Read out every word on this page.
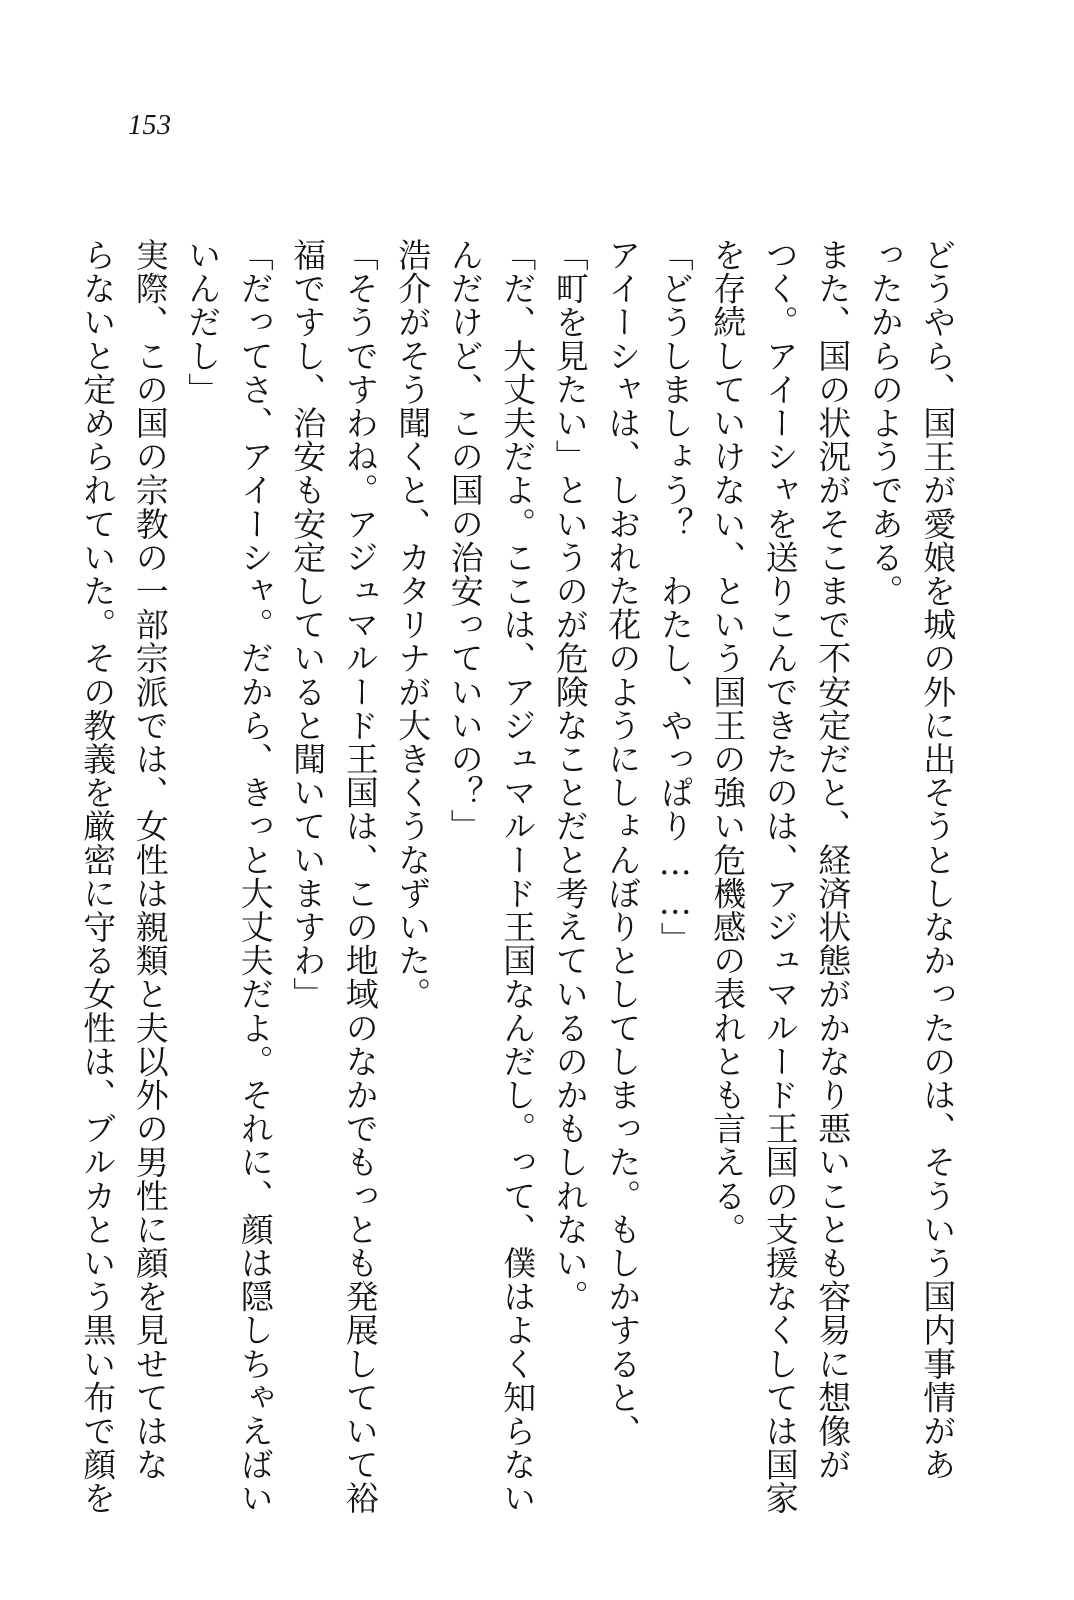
153
どうやら、国王が愛娘を城の外に出そうとしなかったのは、そういう国内事情があ
ったからのようである。
また、国の状況がそこまで不安定だと、経済状態がかなり悪いことも容易に想像が
つく。アイーシャを送りこんできたのは、アジュマルード王国の支援なくしては国家
を存続していけない、という国王の強い危機感の表れとも言える。
「どうしましょう？　わたし、やっぱり……」
アイーシャは、しおれた花のようにしょんぼりとしてしまった。もしかすると、
「町を見たい」というのが危険なことだと考えているのかもしれない。
「だ、大丈夫だよ。ここは、アジュマルード王国なんだし。って、僕はよく知らない
んだけど、この国の治安っていいの？」
浩介がそう聞くと、カタリナが大きくうなずいた。
「そうですわね。アジュマルード王国は、この地域のなかでもっとも発展していて裕
福ですし、治安も安定していると聞いていますわ」
「だってさ、アイーシャ。だから、きっと大丈夫だよ。それに、顔は隠しちゃえばい
いんだし」
実際、この国の宗教の一部宗派では、女性は親類と夫以外の男性に顔を見せてはな
らないと定められていた。その教義を厳密に守る女性は、ブルカという黒い布で顔を
